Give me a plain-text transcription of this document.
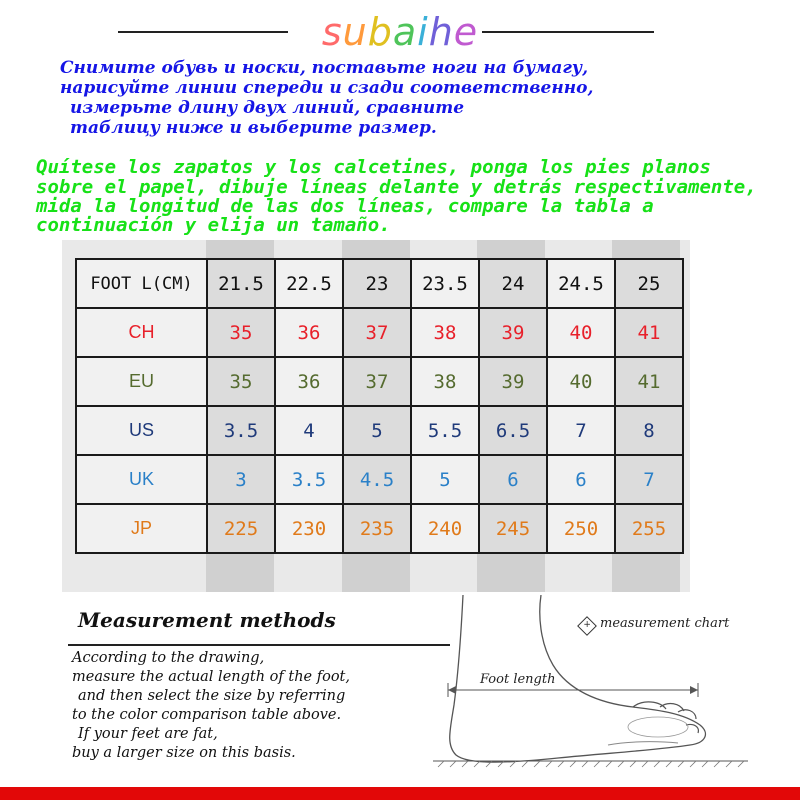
subaihe
Снимите обувь и носки, поставьте ноги на бумагу,
нарисуйте линии спереди и сзади соответственно,
измерьте длину двух линий, сравните
таблицу ниже и выберите размер.
Quítese los zapatos y los calcetines, ponga los pies planos
sobre el papel, dibuje líneas delante y detrás respectivamente,
mida la longitud de las dos líneas, compare la tabla a
continuación y elija un tamaño.
FOOT L(CM)	21.5	22.5	23	23.5	24	24.5	25
CH	35	36	37	38	39	40	41
EU	35	36	37	38	39	40	41
US	3.5	4	5	5.5	6.5	7	8
UK	3	3.5	4.5	5	6	6	7
JP	225	230	235	240	245	250	255
Measurement methods
According to the drawing,
measure the actual length of the foot,
and then select the size by referring
to the color comparison table above.
If your feet are fat,
buy a larger size on this basis.
+ measurement chart
Foot length
